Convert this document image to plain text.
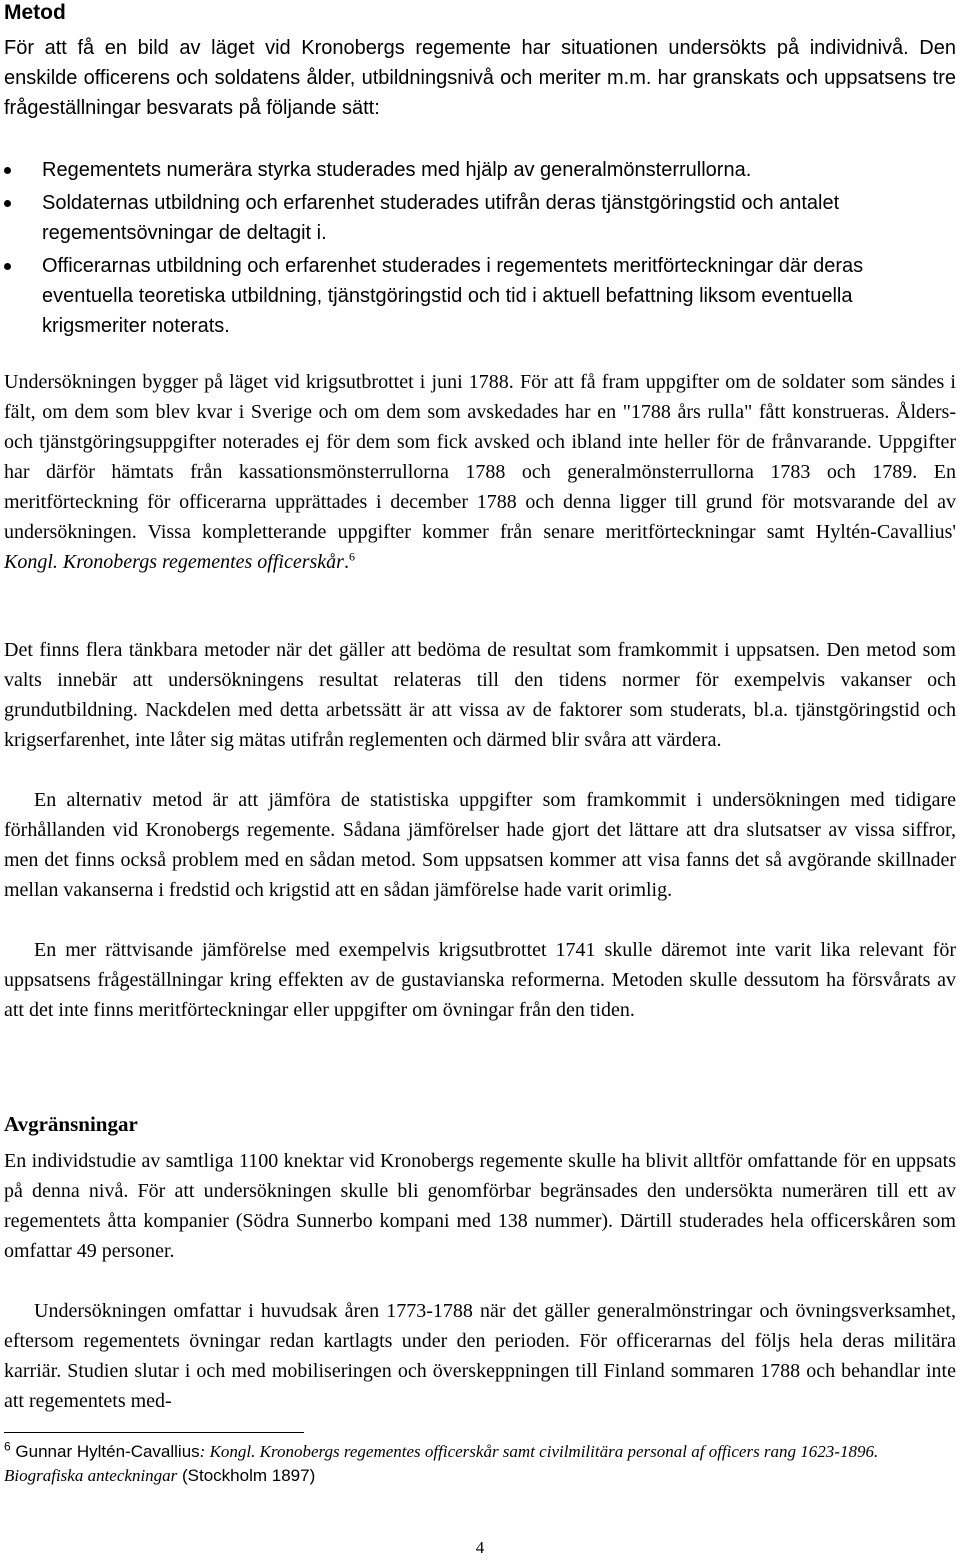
Metod

För att få en bild av läget vid Kronobergs regemente har situationen undersökts på individnivå. Den enskilde officerens och soldatens ålder, utbildningsnivå och meriter m.m. har granskats och uppsatsens tre frågeställningar besvarats på följande sätt:

Regementets numerära styrka studerades med hjälp av generalmönsterrullorna.
Soldaternas utbildning och erfarenhet studerades utifrån deras tjänstgöringstid och antalet regementsövningar de deltagit i.
Officerarnas utbildning och erfarenhet studerades i regementets meritförteckningar där deras eventuella teoretiska utbildning, tjänstgöringstid och tid i aktuell befattning liksom eventuella krigsmeriter noterats.

Undersökningen bygger på läget vid krigsutbrottet i juni 1788. För att få fram uppgifter om de soldater som sändes i fält, om dem som blev kvar i Sverige och om dem som avskedades har en "1788 års rulla" fått konstrueras. Ålders- och tjänstgöringsuppgifter noterades ej för dem som fick avsked och ibland inte heller för de frånvarande. Uppgifter har därför hämtats från kassationsmönsterrullorna 1788 och generalmönsterrullorna 1783 och 1789. En meritförteckning för officerarna upprättades i december 1788 och denna ligger till grund för motsvarande del av undersökningen. Vissa kompletterande uppgifter kommer från senare meritförteckningar samt Hyltén-Cavallius' Kongl. Kronobergs regementes officerskår.$^6$

Det finns flera tänkbara metoder när det gäller att bedöma de resultat som framkommit i uppsatsen. Den metod som valts innebär att undersökningens resultat relateras till den tidens normer för exempelvis vakanser och grundutbildning. Nackdelen med detta arbetssätt är att vissa av de faktorer som studerats, bl.a. tjänstgöringstid och krigserfarenhet, inte låter sig mätas utifrån reglementen och därmed blir svåra att värdera.

En alternativ metod är att jämföra de statistiska uppgifter som framkommit i undersökningen med tidigare förhållanden vid Kronobergs regemente. Sådana jämförelser hade gjort det lättare att dra slutsatser av vissa siffror, men det finns också problem med en sådan metod. Som uppsatsen kommer att visa fanns det så avgörande skillnader mellan vakanserna i fredstid och krigstid att en sådan jämförelse hade varit orimlig.

En mer rättvisande jämförelse med exempelvis krigsutbrottet 1741 skulle däremot inte varit lika relevant för uppsatsens frågeställningar kring effekten av de gustavianska reformerna. Metoden skulle dessutom ha försvårats av att det inte finns meritförteckningar eller uppgifter om övningar från den tiden.

Avgränsningar

En individstudie av samtliga 1100 knektar vid Kronobergs regemente skulle ha blivit alltför omfattande för en uppsats på denna nivå. För att undersökningen skulle bli genomförbar begränsades den undersökta numerären till ett av regementets åtta kompanier (Södra Sunnerbo kompani med 138 nummer). Därtill studerades hela officerskåren som omfattar 49 personer.

Undersökningen omfattar i huvudsak åren 1773-1788 när det gäller generalmönstringar och övningsverksamhet, eftersom regementets övningar redan kartlagts under den perioden. För officerarnas del följs hela deras militära karriär. Studien slutar i och med mobiliseringen och överskeppningen till Finland sommaren 1788 och behandlar inte att regementets med-

$^6$ Gunnar Hyltén-Cavallius: Kongl. Kronobergs regementes officerskår samt civilmilitära personal af officers rang 1623-1896. Biografiska anteckningar (Stockholm 1897)
4
